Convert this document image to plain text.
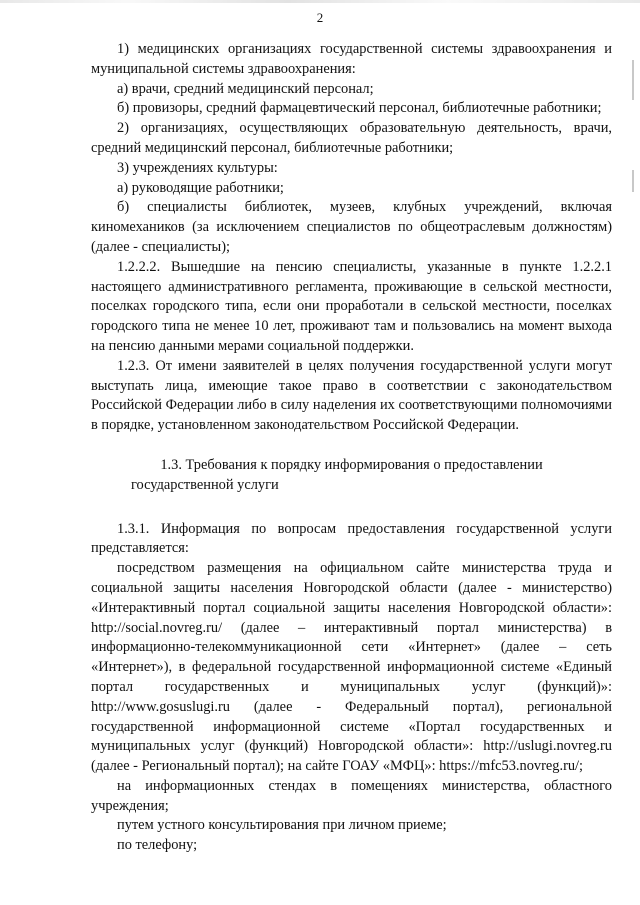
2

1) медицинских организациях государственной системы здравоохранения и муниципальной системы здравоохранения:

а) врачи, средний медицинский персонал;

б) провизоры, средний фармацевтический персонал, библиотечные работники;

2) организациях, осуществляющих образовательную деятельность, врачи, средний медицинский персонал, библиотечные работники;

3) учреждениях культуры:

а) руководящие работники;

б) специалисты библиотек, музеев, клубных учреждений, включая киномехаников (за исключением специалистов по общеотраслевым должностям) (далее - специалисты);

1.2.2.2. Вышедшие на пенсию специалисты, указанные в пункте 1.2.2.1 настоящего административного регламента, проживающие в сельской местности, поселках городского типа, если они проработали в сельской местности, поселках городского типа не менее 10 лет, проживают там и пользовались на момент выхода на пенсию данными мерами социальной поддержки.

1.2.3. От имени заявителей в целях получения государственной услуги могут выступать лица, имеющие такое право в соответствии с законодательством Российской Федерации либо в силу наделения их соответствующими полномочиями в порядке, установленном законодательством Российской Федерации.

1.3. Требования к порядку информирования о предоставлении государственной услуги

1.3.1. Информация по вопросам предоставления государственной услуги представляется:

посредством размещения на официальном сайте министерства труда и социальной защиты населения Новгородской области (далее - министерство) «Интерактивный портал социальной защиты населения Новгородской области»: http://social.novreg.ru/ (далее – интерактивный портал министерства) в информационно-телекоммуникационной сети «Интернет» (далее – сеть «Интернет»), в федеральной государственной информационной системе «Единый портал государственных и муниципальных услуг (функций)»: http://www.gosuslugi.ru (далее - Федеральный портал), региональной государственной информационной системе «Портал государственных и муниципальных услуг (функций) Новгородской области»: http://uslugi.novreg.ru (далее - Региональный портал); на сайте ГОАУ «МФЦ»: https://mfc53.novreg.ru/;

на информационных стендах в помещениях министерства, областного учреждения;

путем устного консультирования при личном приеме;

по телефону;
